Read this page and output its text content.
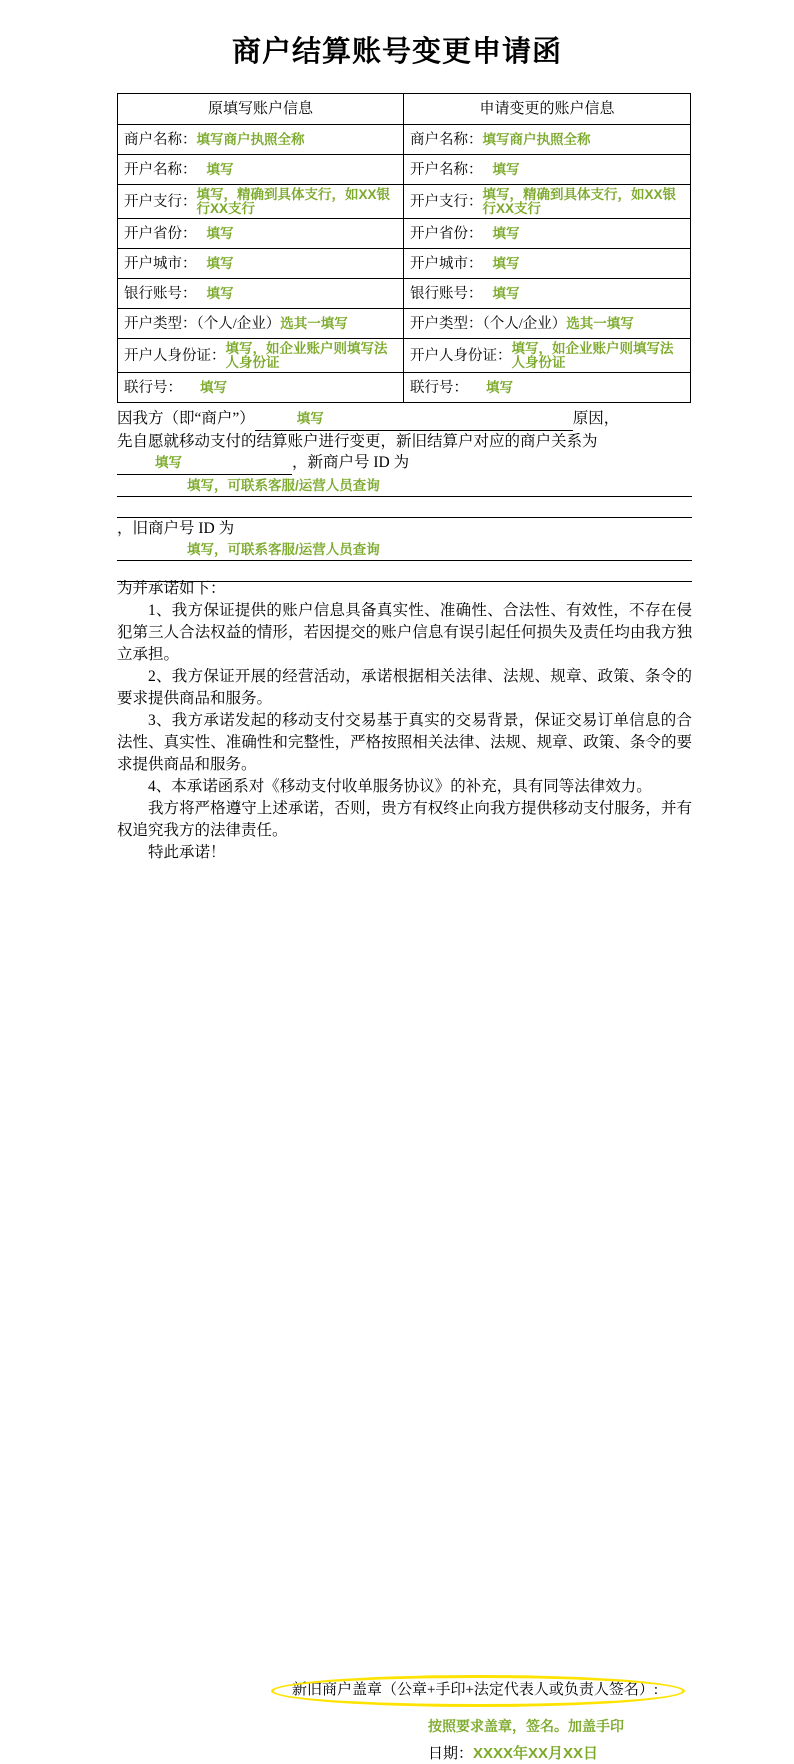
商户结算账号变更申请函
原填写账户信息	申请变更的账户信息

商户名称： 填写商户执照全称	商户名称： 填写商户执照全称

开户名称： 填写	开户名称： 填写

开户支行： 填写，精确到具体支行，如XX银行XX支行	开户支行： 填写，精确到具体支行，如XX银行XX支行

开户省份： 填写	开户省份： 填写

开户城市： 填写	开户城市： 填写

银行账号： 填写	银行账号： 填写

开户类型：（个人/企业） 选其一填写	开户类型：（个人/企业） 选其一填写

开户人身份证： 填写，如企业账户则填写法人身份证	开户人身份证： 填写，如企业账户则填写法人身份证

联行号： 填写	联行号： 填写
因我方（即“商户”）	填写	原因，
先自愿就移动支付的结算账户进行变更，新旧结算户对应的商户关系为
填写	，新商户号 ID 为
填写，可联系客服/运营人员查询
，旧商户号 ID 为
填写，可联系客服/运营人员查询

为并承诺如下：

1、我方保证提供的账户信息具备真实性、准确性、合法性、有效性，不存在侵犯第三人合法权益的情形，若因提交的账户信息有误引起任何损失及责任均由我方独立承担。

2、我方保证开展的经营活动，承诺根据相关法律、法规、规章、政策、条令的要求提供商品和服务。

3、我方承诺发起的移动支付交易基于真实的交易背景，保证交易订单信息的合法性、真实性、准确性和完整性，严格按照相关法律、法规、规章、政策、条令的要求提供商品和服务。

4、本承诺函系对《移动支付收单服务协议》的补充，具有同等法律效力。

我方将严格遵守上述承诺，否则，贵方有权终止向我方提供移动支付服务，并有权追究我方的法律责任。

特此承诺！

新旧商户盖章（公章+手印+法定代表人或负责人签名）:
按照要求盖章，签名。加盖手印
日期：XXXX年XX月XX日
